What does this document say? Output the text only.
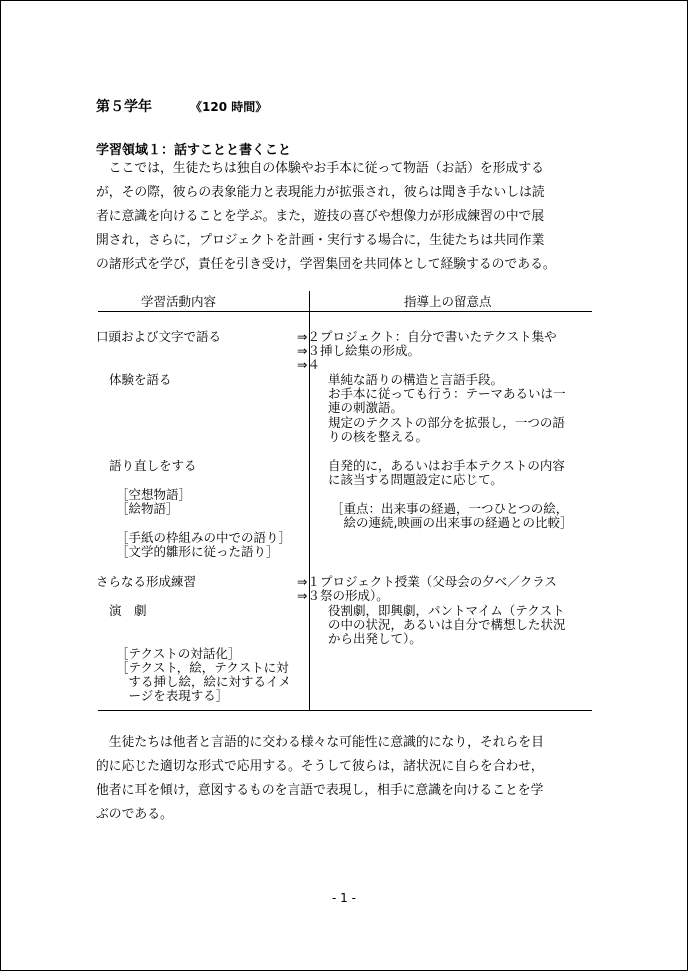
第５学年	《120 時間》
学習領域１：話すことと書くこと
　ここでは，生徒たちは独自の体験やお手本に従って物語（お話）を形成する
が，その際，彼らの表象能力と表現能力が拡張され，彼らは聞き手ないしは読
者に意識を向けることを学ぶ。また，遊技の喜びや想像力が形成練習の中で展
開され，さらに，プロジェクトを計画・実行する場合に，生徒たちは共同作業
の諸形式を学び，責任を引き受け，学習集団を共同体として経験するのである。
学習活動内容	指導上の留意点
口頭および文字で語る
体験を語る
語り直しをする
［空想物語］
［絵物語］
［手紙の枠組みの中での語り］
［文学的雛形に従った語り］
さらなる形成練習
演　劇
［テクストの対話化］
［テクスト，絵，テクストに対
　する挿し絵，絵に対するイメ
　ージを表現する］
⇒２プロジェクト：自分で書いたテクスト集や
⇒３挿し絵集の形成。
⇒４
単純な語りの構造と言語手段。
お手本に従っても行う：テーマあるいは一
連の刺激語。
規定のテクストの部分を拡張し，一つの語
りの核を整える。
自発的に，あるいはお手本テクストの内容
に該当する問題設定に応じて。
［重点：出来事の経過，一つひとつの絵，
　絵の連続,映画の出来事の経過との比較］
⇒１プロジェクト授業（父母会の夕べ／クラス
⇒３祭の形成）。
役割劇，即興劇，パントマイム（テクスト
の中の状況，あるいは自分で構想した状況
から出発して）。
　生徒たちは他者と言語的に交わる様々な可能性に意識的になり，それらを目
的に応じた適切な形式で応用する。そうして彼らは，諸状況に自らを合わせ，
他者に耳を傾け，意図するものを言語で表現し，相手に意識を向けることを学
ぶのである。
- 1 -
